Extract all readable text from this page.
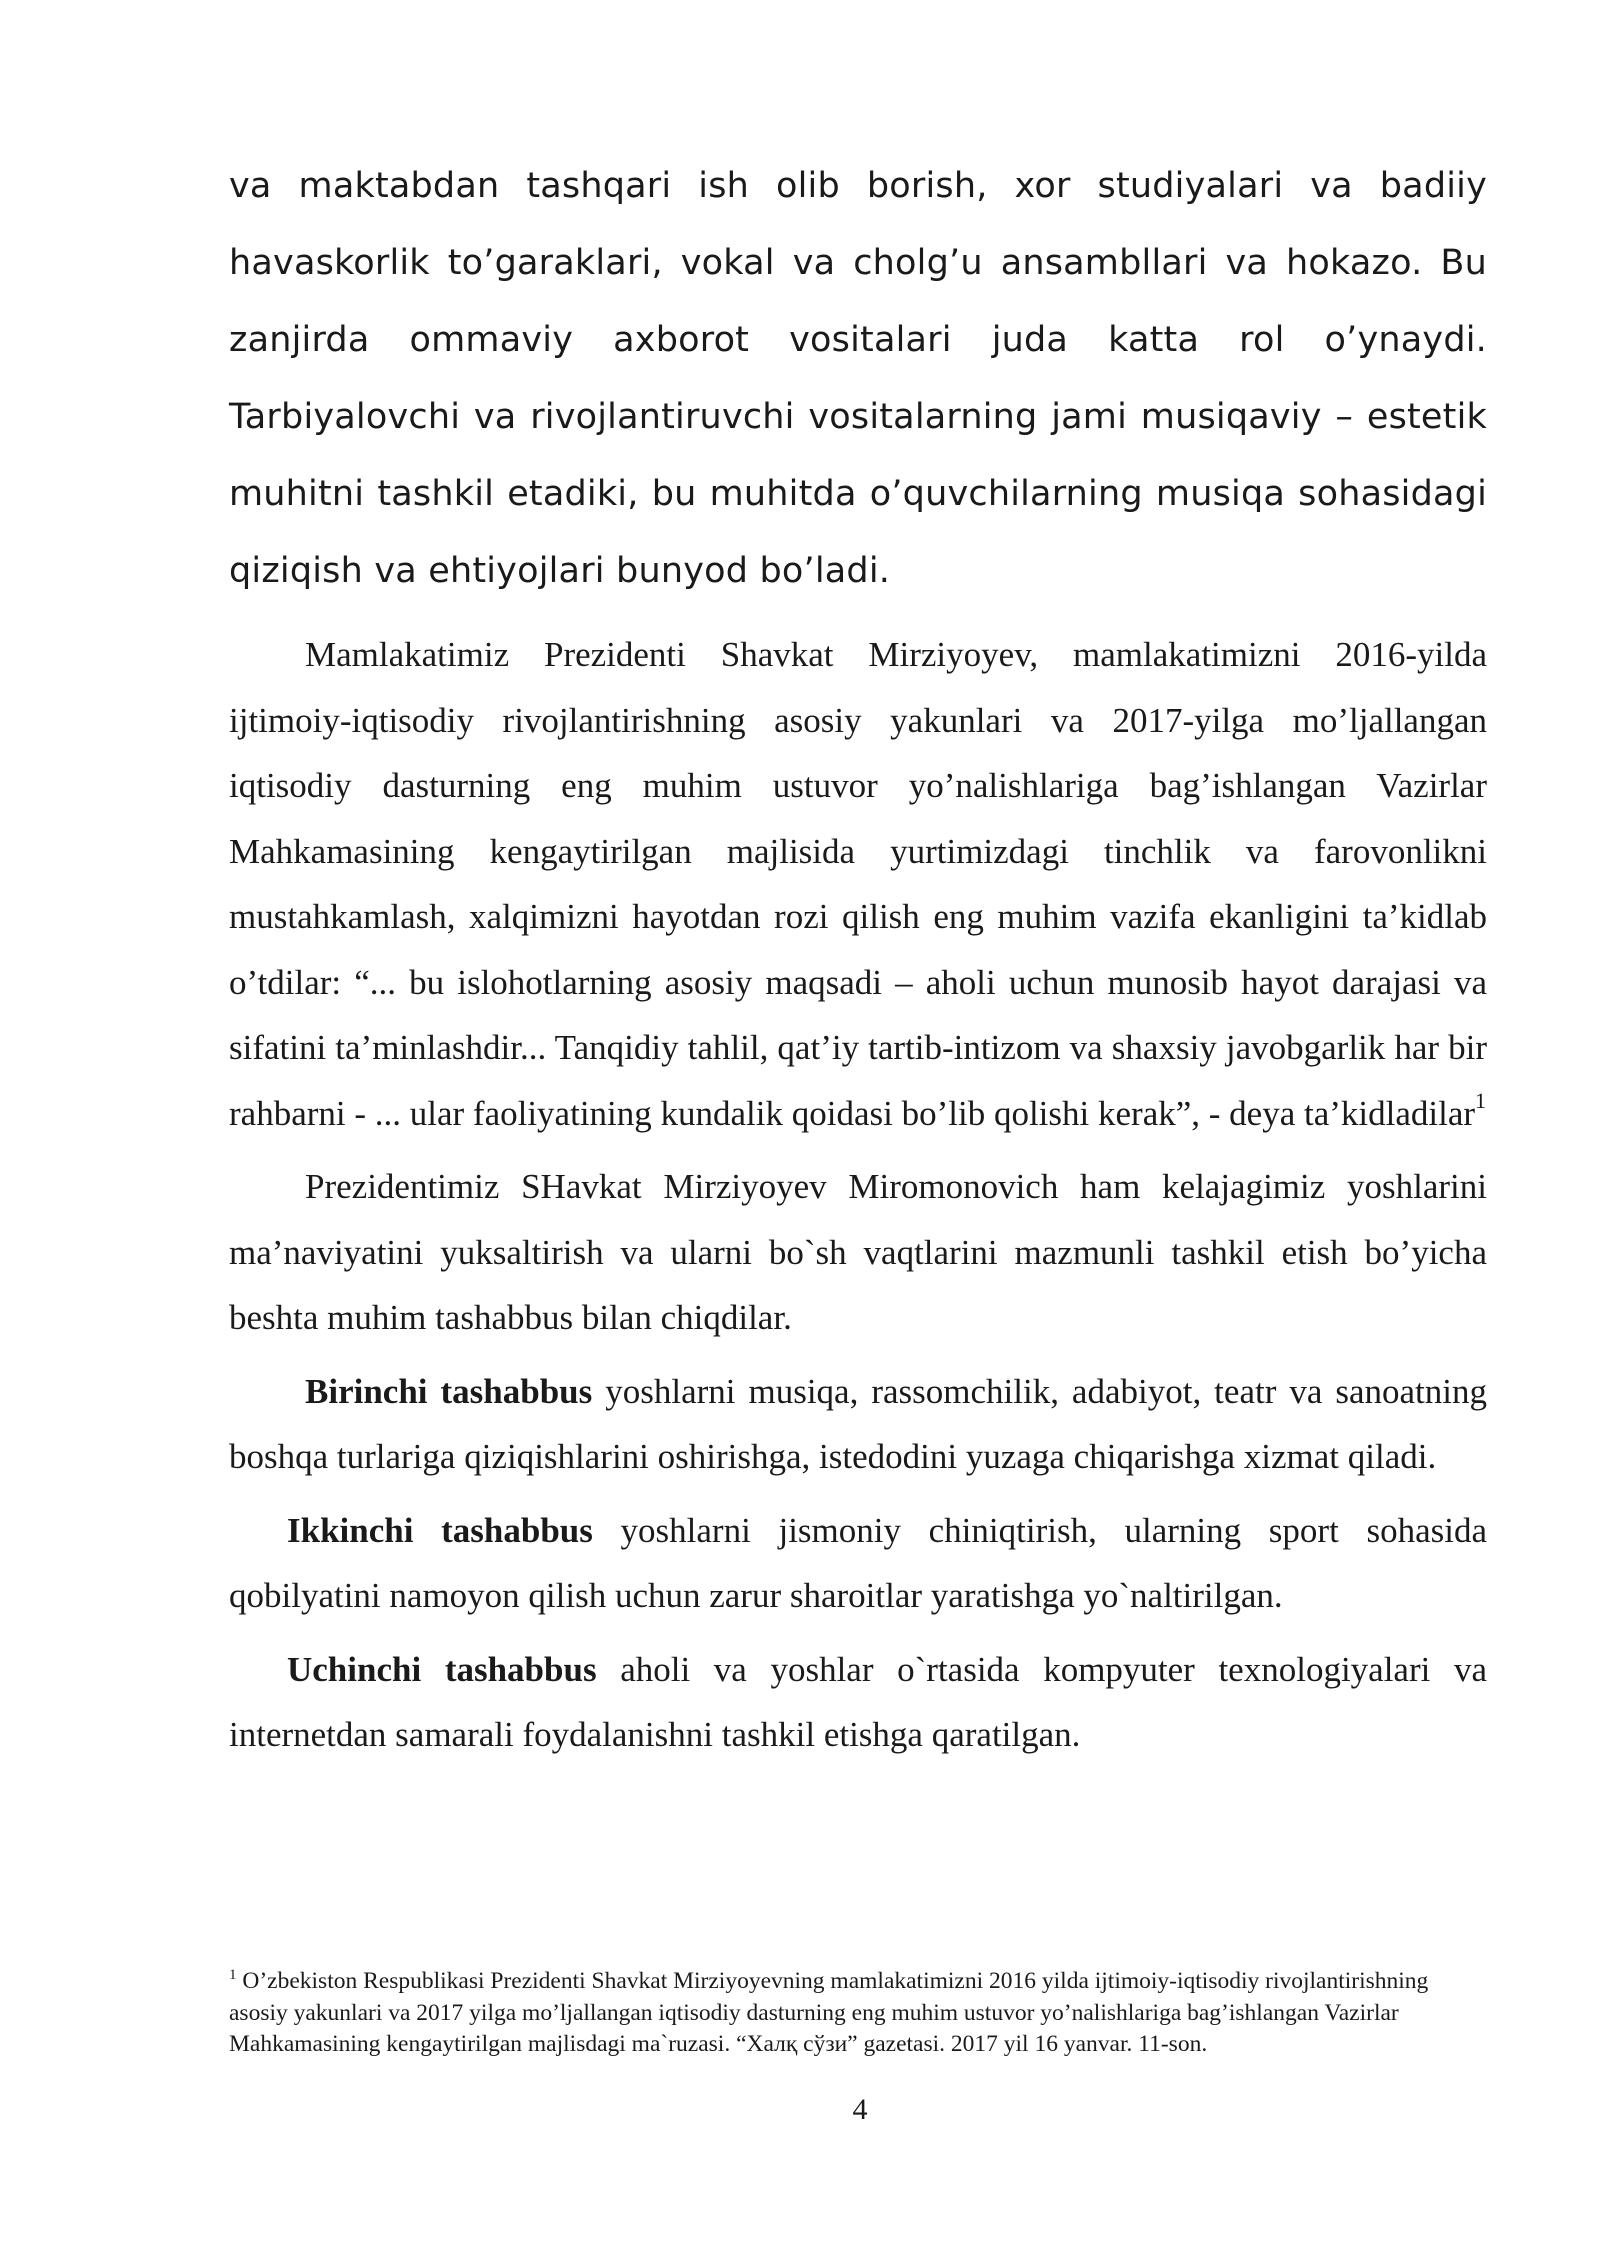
va maktabdan tashqari ish olib borish, xor studiyalari va badiiy havaskorlik to’garaklari, vokal va cholg’u ansambllari va hokazo. Bu zanjirda ommaviy axborot vositalari juda katta rol o’ynaydi. Tarbiyalovchi va rivojlantiruvchi vositalarning jami musiqaviy – estetik muhitni tashkil etadiki, bu muhitda o’quvchilarning musiqa sohasidagi qiziqish va ehtiyojlari bunyod bo’ladi.

Mamlakatimiz Prezidenti Shavkat Mirziyoyev, mamlakatimizni 2016-yilda ijtimoiy-iqtisodiy rivojlantirishning asosiy yakunlari va 2017-yilga mo’ljallangan iqtisodiy dasturning eng muhim ustuvor yo’nalishlariga bag’ishlangan Vazirlar Mahkamasining kengaytirilgan majlisida yurtimizdagi tinchlik va farovonlikni mustahkamlash, xalqimizni hayotdan rozi qilish eng muhim vazifa ekanligini ta’kidlab o’tdilar: “... bu islohotlarning asosiy maqsadi – aholi uchun munosib hayot darajasi va sifatini ta’minlashdir... Tanqidiy tahlil, qat’iy tartib-intizom va shaxsiy javobgarlik har bir rahbarni - ... ular faoliyatining kundalik qoidasi bo’lib qolishi kerak”, - deya ta’kidladilar$^1$

Prezidentimiz SHavkat Mirziyoyev Miromonovich ham kelajagimiz yoshlarini ma’naviyatini yuksaltirish va ularni bo`sh vaqtlarini mazmunli tashkil etish bo’yicha beshta muhim tashabbus bilan chiqdilar.

Birinchi tashabbus yoshlarni musiqa, rassomchilik, adabiyot, teatr va sanoatning boshqa turlariga qiziqishlarini oshirishga, istedodini yuzaga chiqarishga xizmat qiladi.

Ikkinchi tashabbus yoshlarni jismoniy chiniqtirish, ularning sport sohasida qobilyatini namoyon qilish uchun zarur sharoitlar yaratishga yo`naltirilgan.

Uchinchi tashabbus aholi va yoshlar o`rtasida kompyuter texnologiyalari va internetdan samarali foydalanishni tashkil etishga qaratilgan.

$^1$ O’zbekiston Respublikasi Prezidenti Shavkat Mirziyoyevning mamlakatimizni 2016 yilda ijtimoiy-iqtisodiy rivojlantirishning asosiy yakunlari va 2017 yilga mo’ljallangan iqtisodiy dasturning eng muhim ustuvor yo’nalishlariga bag’ishlangan Vazirlar Mahkamasining kengaytirilgan majlisdagi ma`ruzasi. “Халқ сўзи” gazetasi. 2017 yil 16 yanvar. 11-son.
4
